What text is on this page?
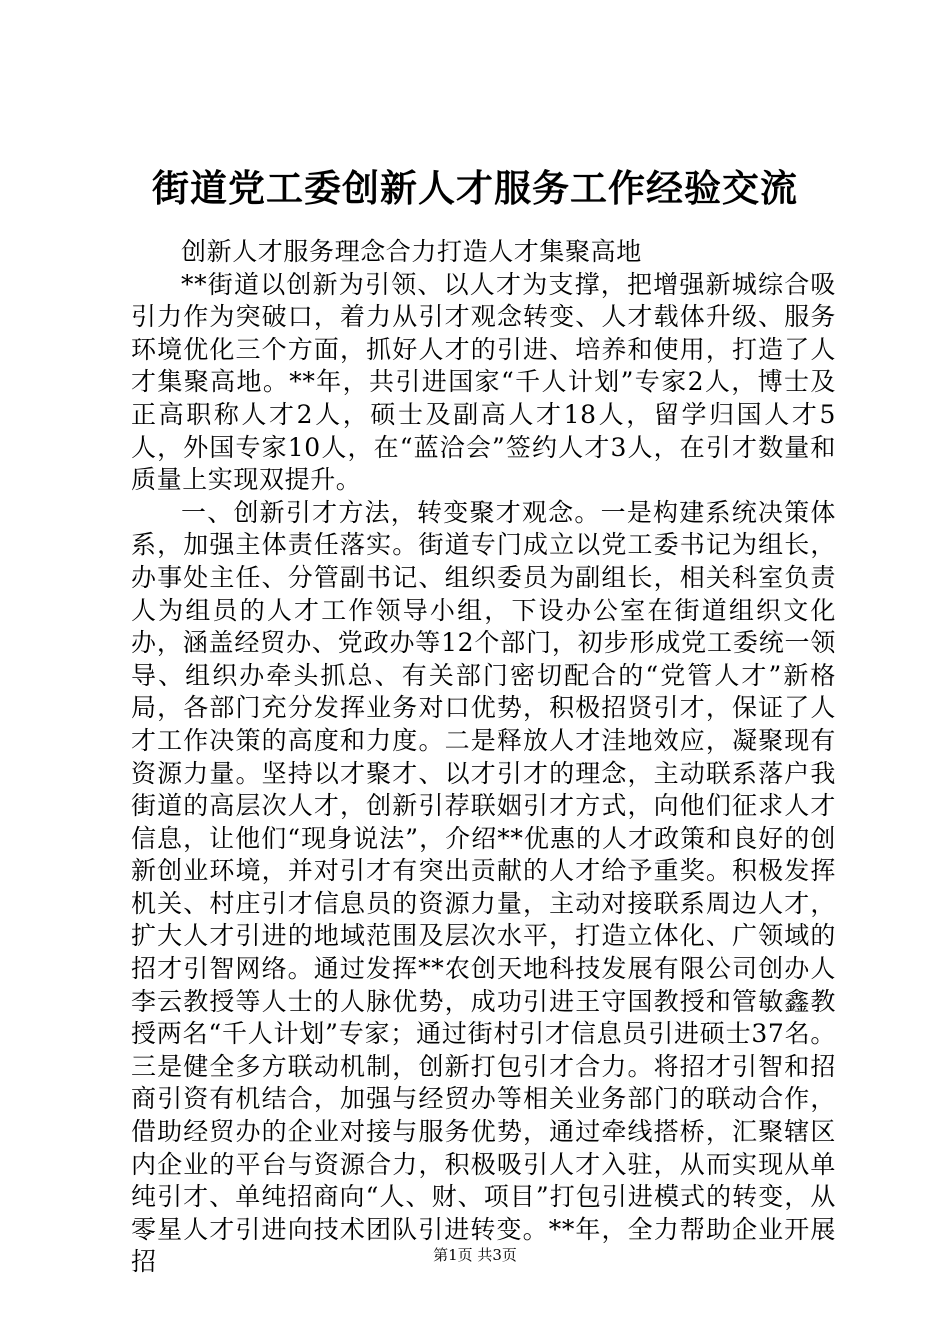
街道党工委创新人才服务工作经验交流

创新人才服务理念合力打造人才集聚高地

**街道以创新为引领、以人才为支撑，把增强新城综合吸引力作为突破口，着力从引才观念转变、人才载体升级、服务环境优化三个方面，抓好人才的引进、培养和使用，打造了人才集聚高地。**年，共引进国家“千人计划”专家2人，博士及正高职称人才2人，硕士及副高人才18人，留学归国人才5人，外国专家10人，在“蓝洽会”签约人才3人，在引才数量和质量上实现双提升。

一、创新引才方法，转变聚才观念。一是构建系统决策体系，加强主体责任落实。街道专门成立以党工委书记为组长，办事处主任、分管副书记、组织委员为副组长，相关科室负责人为组员的人才工作领导小组，下设办公室在街道组织文化办，涵盖经贸办、党政办等12个部门，初步形成党工委统一领导、组织办牵头抓总、有关部门密切配合的“党管人才”新格局，各部门充分发挥业务对口优势，积极招贤引才，保证了人才工作决策的高度和力度。二是释放人才洼地效应，凝聚现有资源力量。坚持以才聚才、以才引才的理念，主动联系落户我街道的高层次人才，创新引荐联姻引才方式，向他们征求人才信息，让他们“现身说法”，介绍**优惠的人才政策和良好的创新创业环境，并对引才有突出贡献的人才给予重奖。积极发挥机关、村庄引才信息员的资源力量，主动对接联系周边人才，扩大人才引进的地域范围及层次水平，打造立体化、广领域的招才引智网络。通过发挥**农创天地科技发展有限公司创办人李云教授等人士的人脉优势，成功引进王守国教授和管敏鑫教授两名“千人计划”专家；通过街村引才信息员引进硕士37名。三是健全多方联动机制，创新打包引才合力。将招才引智和招商引资有机结合，加强与经贸办等相关业务部门的联动合作，借助经贸办的企业对接与服务优势，通过牵线搭桥，汇聚辖区内企业的平台与资源合力，积极吸引人才入驻，从而实现从单纯引才、单纯招商向“人、财、项目”打包引进模式的转变，从零星人才引进向技术团队引进转变。**年，全力帮助企业开展招	第1页 共3页
